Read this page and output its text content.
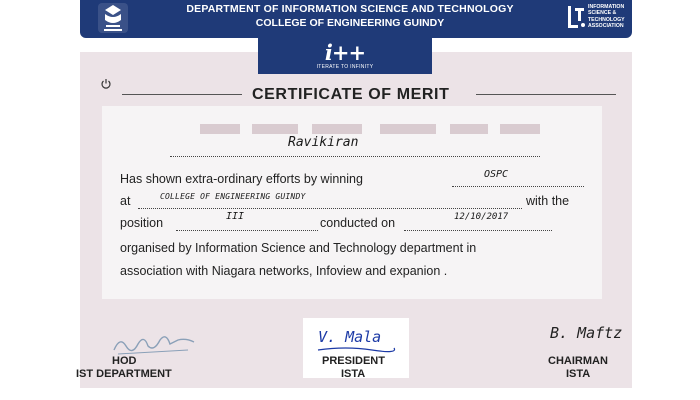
DEPARTMENT OF INFORMATION SCIENCE AND TECHNOLOGY
COLLEGE OF ENGINEERING GUINDY
INFORMATION SCIENCE & TECHNOLOGY ASSOCIATION
i++
ITERATE TO INFINITY
CERTIFICATE OF MERIT
Ravikiran
Has shown extra-ordinary efforts by winning	OSPC
at	COLLEGE OF ENGINEERING GUINDY	with the
position	III	conducted on	12/10/2017
organised by Information Science and Technology department in
association with Niagara networks, Infoview and expanion .
HOD
IST DEPARTMENT
V. Mala
PRESIDENT
ISTA
B. Maftz
CHAIRMAN
ISTA
